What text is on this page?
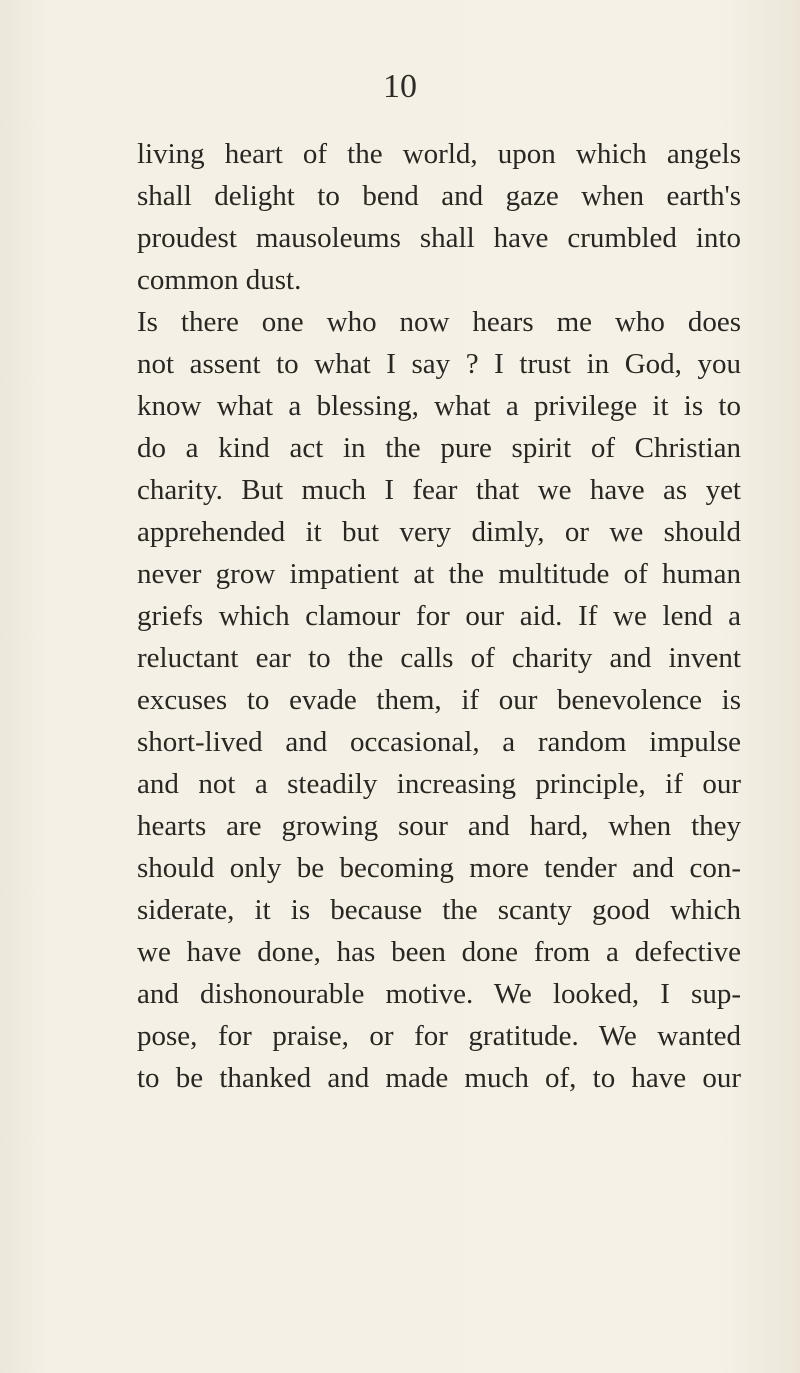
10
living heart of the world, upon which angels
shall delight to bend and gaze when earth's
proudest mausoleums shall have crumbled into
common dust.
Is there one who now hears me who does
not assent to what I say ? I trust in God, you
know what a blessing, what a privilege it is to
do a kind act in the pure spirit of Christian
charity. But much I fear that we have as yet
apprehended it but very dimly, or we should
never grow impatient at the multitude of human
griefs which clamour for our aid. If we lend a
reluctant ear to the calls of charity and invent
excuses to evade them, if our benevolence is
short-lived and occasional, a random impulse
and not a steadily increasing principle, if our
hearts are growing sour and hard, when they
should only be becoming more tender and con-
siderate, it is because the scanty good which
we have done, has been done from a defective
and dishonourable motive. We looked, I sup-
pose, for praise, or for gratitude. We wanted
to be thanked and made much of, to have our
